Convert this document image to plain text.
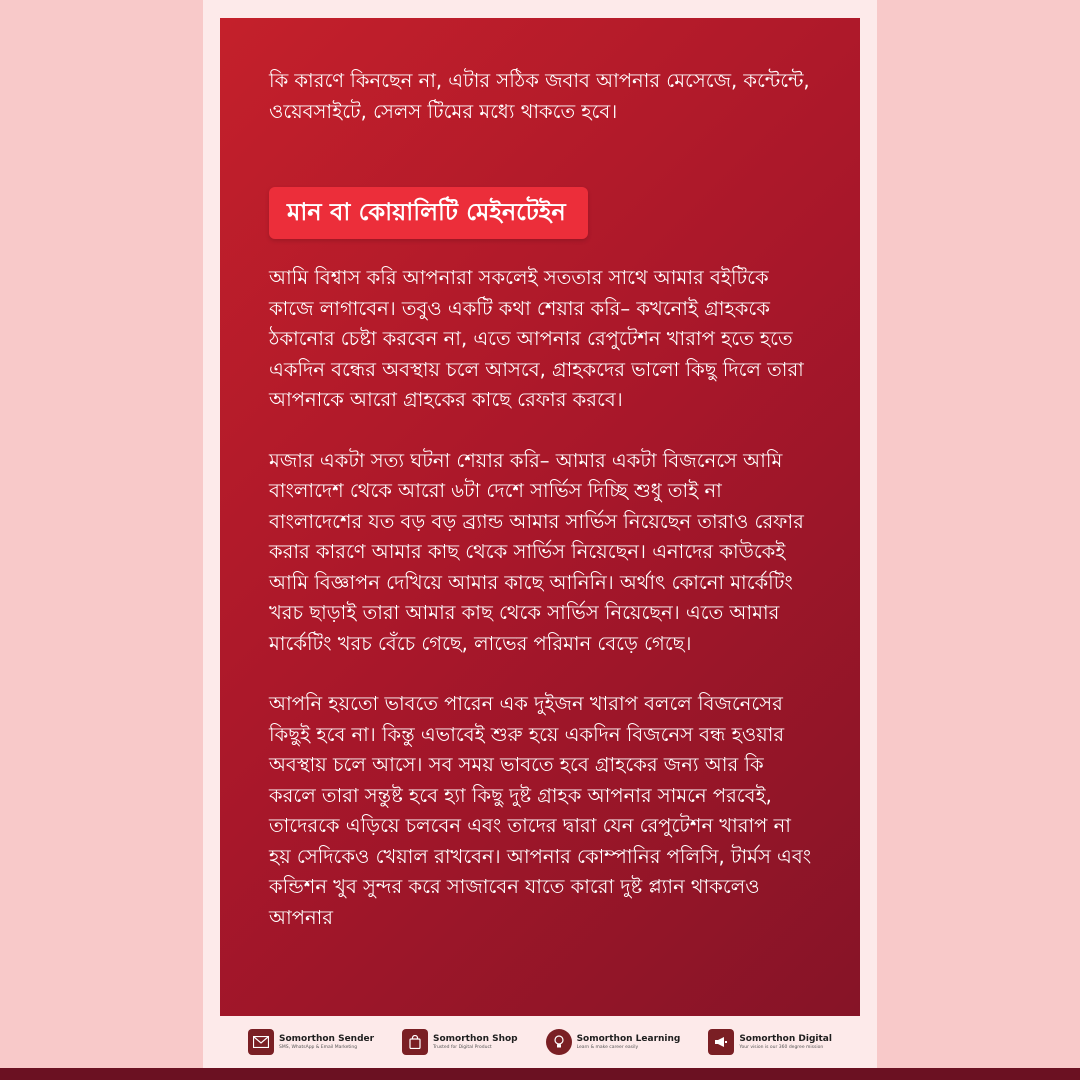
কি কারণে কিনছেন না, এটার সঠিক জবাব আপনার মেসেজে, কন্টেন্টে, ওয়েবসাইটে, সেলস টিমের মধ্যে থাকতে হবে।

মান বা কোয়ালিটি মেইনটেইন

আমি বিশ্বাস করি আপনারা সকলেই সততার সাথে আমার বইটিকে কাজে লাগাবেন। তবুও একটি কথা শেয়ার করি– কখনোই গ্রাহককে ঠকানোর চেষ্টা করবেন না, এতে আপনার রেপুটেশন খারাপ হতে হতে একদিন বন্ধের অবস্থায় চলে আসবে, গ্রাহকদের ভালো কিছু দিলে তারা আপনাকে আরো গ্রাহকের কাছে রেফার করবে।

মজার একটা সত্য ঘটনা শেয়ার করি– আমার একটা বিজনেসে আমি বাংলাদেশ থেকে আরো ৬টা দেশে সার্ভিস দিচ্ছি শুধু তাই না বাংলাদেশের যত বড় বড় ব্র্যান্ড আমার সার্ভিস নিয়েছেন তারাও রেফার করার কারণে আমার কাছ থেকে সার্ভিস নিয়েছেন। এনাদের কাউকেই আমি বিজ্ঞাপন দেখিয়ে আমার কাছে আনিনি। অর্থাৎ কোনো মার্কেটিং খরচ ছাড়াই তারা আমার কাছ থেকে সার্ভিস নিয়েছেন। এতে আমার মার্কেটিং খরচ বেঁচে গেছে, লাভের পরিমান বেড়ে গেছে।

আপনি হয়তো ভাবতে পারেন এক দুইজন খারাপ বললে বিজনেসের কিছুই হবে না। কিন্তু এভাবেই শুরু হয়ে একদিন বিজনেস বন্ধ হওয়ার অবস্থায় চলে আসে। সব সময় ভাবতে হবে গ্রাহকের জন্য আর কি করলে তারা সন্তুষ্ট হবে হ্যা কিছু দুষ্ট গ্রাহক আপনার সামনে পরবেই, তাদেরকে এড়িয়ে চলবেন এবং তাদের দ্বারা যেন রেপুটেশন খারাপ না হয় সেদিকেও খেয়াল রাখবেন। আপনার কোম্পানির পলিসি, টার্মস এবং কন্ডিশন খুব সুন্দর করে সাজাবেন যাতে কারো দুষ্ট প্ল্যান থাকলেও আপনার

Somorthon Sender
SMS, WhatsApp & Email Marketing
Somorthon Shop
Trusted for Digital Product
Somorthon Learning
Learn & make career easily
Somorthon Digital
Your vision is our 360 degree mission
